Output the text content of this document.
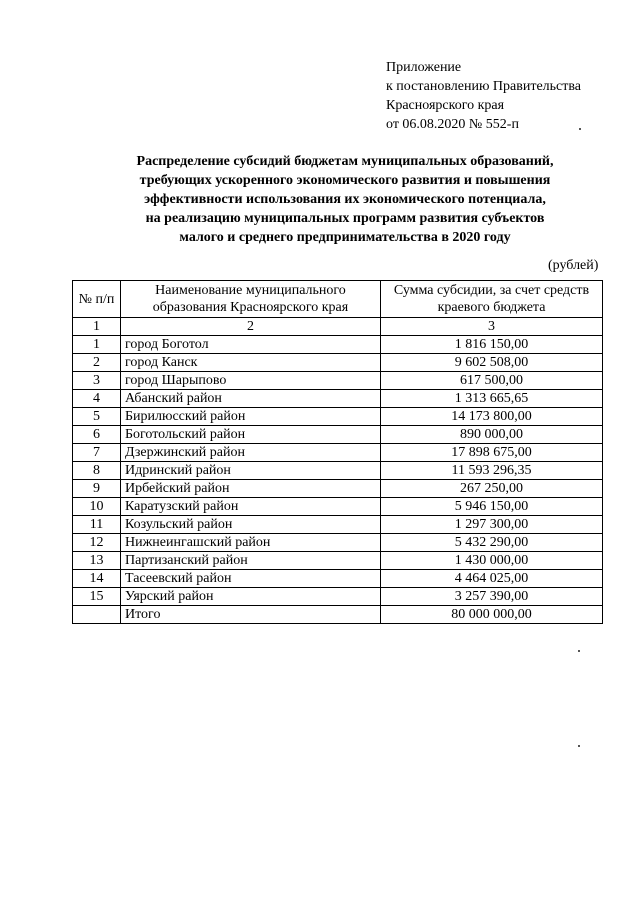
Приложение
к постановлению Правительства
Красноярского края
от 06.08.2020 № 552-п
Распределение субсидий бюджетам муниципальных образований,
требующих ускоренного экономического развития и повышения
эффективности использования их экономического потенциала,
на реализацию муниципальных программ развития субъектов
малого и среднего предпринимательства в 2020 году
(рублей)
№ п/п	Наименование муниципального образования Красноярского края	Сумма субсидии, за счет средств краевого бюджета
1	2	3
1	город Боготол	1 816 150,00
2	город Канск	9 602 508,00
3	город Шарыпово	617 500,00
4	Абанский район	1 313 665,65
5	Бирилюсский район	14 173 800,00
6	Боготольский район	890 000,00
7	Дзержинский район	17 898 675,00
8	Идринский район	11 593 296,35
9	Ирбейский район	267 250,00
10	Каратузский район	5 946 150,00
11	Козульский район	1 297 300,00
12	Нижнеингашский район	5 432 290,00
13	Партизанский район	1 430 000,00
14	Тасеевский район	4 464 025,00
15	Уярский район	3 257 390,00
	Итого	80 000 000,00
